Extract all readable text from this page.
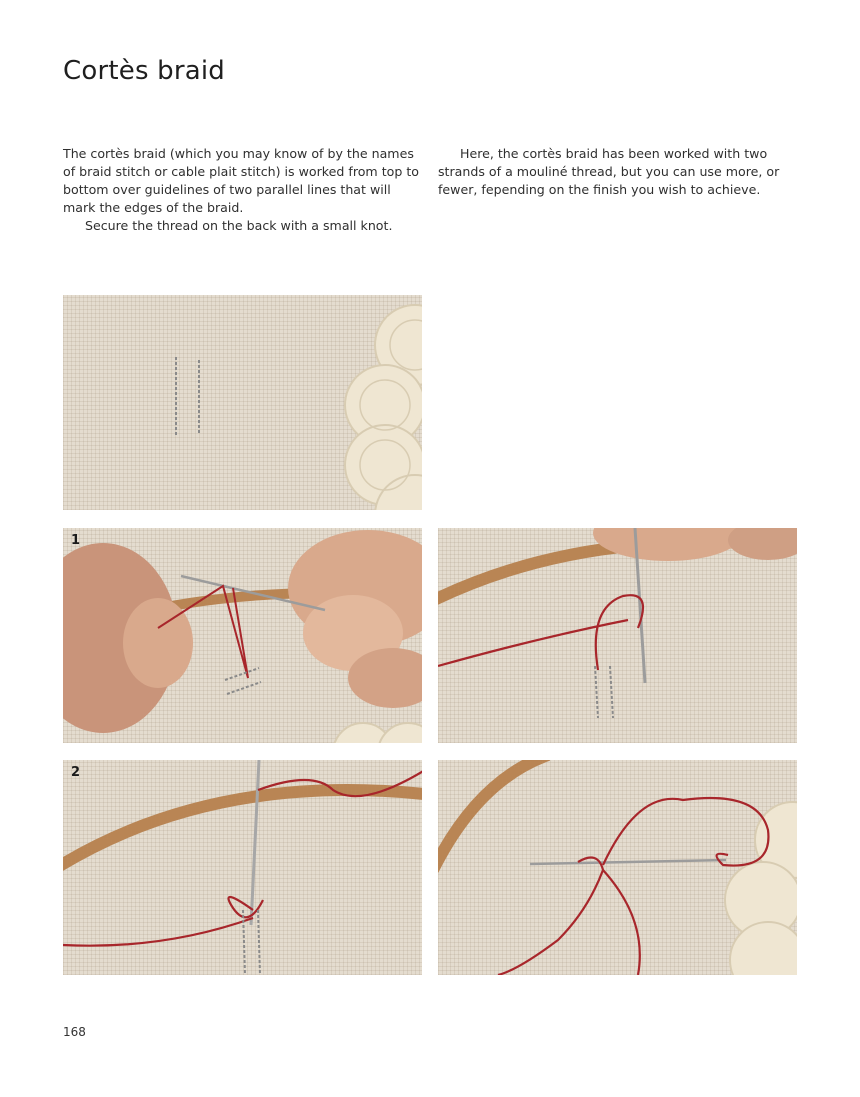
Cortès braid

The cortès braid (which you may know of by the names of braid stitch or cable plait stitch) is worked from top to bottom over guidelines of two parallel lines that will mark the edges of the braid.

Secure the thread on the back with a small knot.

Here, the cortès braid has been worked with two strands of a mouliné thread, but you can use more, or fewer, fepending on the finish you wish to achieve.

1
2
168
